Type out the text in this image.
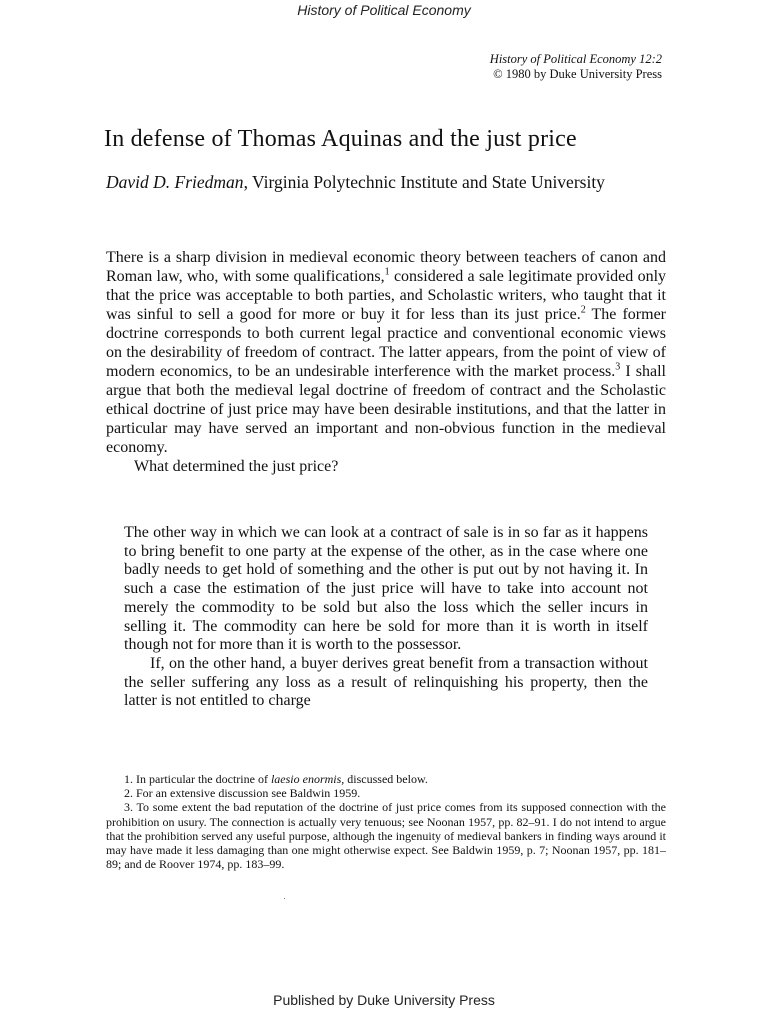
History of Political Economy
History of Political Economy 12:2
© 1980 by Duke University Press
In defense of Thomas Aquinas and the just price
David D. Friedman, Virginia Polytechnic Institute and State University

There is a sharp division in medieval economic theory between teachers of canon and Roman law, who, with some qualifications,$^1$ considered a sale legitimate provided only that the price was acceptable to both parties, and Scholastic writers, who taught that it was sinful to sell a good for more or buy it for less than its just price.$^2$ The former doctrine corresponds to both current legal practice and conventional economic views on the desirability of freedom of contract. The latter appears, from the point of view of modern economics, to be an undesirable interference with the market process.$^3$ I shall argue that both the medieval legal doctrine of freedom of contract and the Scholastic ethical doctrine of just price may have been desirable institutions, and that the latter in particular may have served an important and non-obvious function in the medieval economy.

What determined the just price?

The other way in which we can look at a contract of sale is in so far as it happens to bring benefit to one party at the expense of the other, as in the case where one badly needs to get hold of something and the other is put out by not having it. In such a case the estimation of the just price will have to take into account not merely the commodity to be sold but also the loss which the seller incurs in selling it. The commodity can here be sold for more than it is worth in itself though not for more than it is worth to the possessor.

If, on the other hand, a buyer derives great benefit from a transaction without the seller suffering any loss as a result of relinquishing his property, then the latter is not entitled to charge

1. In particular the doctrine of laesio enormis, discussed below.

2. For an extensive discussion see Baldwin 1959.

3. To some extent the bad reputation of the doctrine of just price comes from its supposed connection with the prohibition on usury. The connection is actually very tenuous; see Noonan 1957, pp. 82–91. I do not intend to argue that the prohibition served any useful purpose, although the ingenuity of medieval bankers in finding ways around it may have made it less damaging than one might otherwise expect. See Baldwin 1959, p. 7; Noonan 1957, pp. 181–89; and de Roover 1974, pp. 183–99.

Published by Duke University Press
